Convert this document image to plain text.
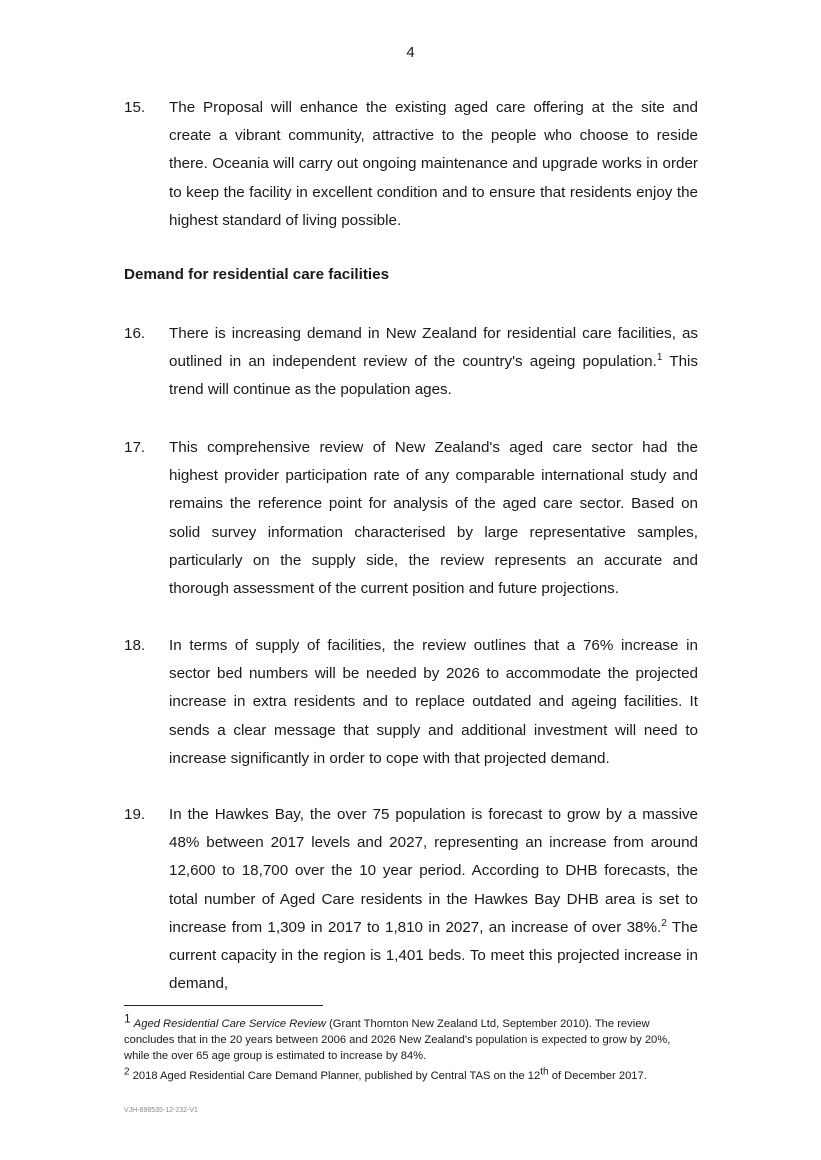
4
15. The Proposal will enhance the existing aged care offering at the site and create a vibrant community, attractive to the people who choose to reside there. Oceania will carry out ongoing maintenance and upgrade works in order to keep the facility in excellent condition and to ensure that residents enjoy the highest standard of living possible.
Demand for residential care facilities
16. There is increasing demand in New Zealand for residential care facilities, as outlined in an independent review of the country's ageing population.$^1$ This trend will continue as the population ages.
17. This comprehensive review of New Zealand's aged care sector had the highest provider participation rate of any comparable international study and remains the reference point for analysis of the aged care sector. Based on solid survey information characterised by large representative samples, particularly on the supply side, the review represents an accurate and thorough assessment of the current position and future projections.
18. In terms of supply of facilities, the review outlines that a 76% increase in sector bed numbers will be needed by 2026 to accommodate the projected increase in extra residents and to replace outdated and ageing facilities. It sends a clear message that supply and additional investment will need to increase significantly in order to cope with that projected demand.
19. In the Hawkes Bay, the over 75 population is forecast to grow by a massive 48% between 2017 levels and 2027, representing an increase from around 12,600 to 18,700 over the 10 year period. According to DHB forecasts, the total number of Aged Care residents in the Hawkes Bay DHB area is set to increase from 1,309 in 2017 to 1,810 in 2027, an increase of over 38%.$^2$ The current capacity in the region is 1,401 beds. To meet this projected increase in demand,
1 Aged Residential Care Service Review (Grant Thornton New Zealand Ltd, September 2010). The review concludes that in the 20 years between 2006 and 2026 New Zealand's population is expected to grow by 20%, while the over 65 age group is estimated to increase by 84%.
$^2$ 2018 Aged Residential Care Demand Planner, published by Central TAS on the 12th of December 2017.
VJH-898535-12-232-V1
